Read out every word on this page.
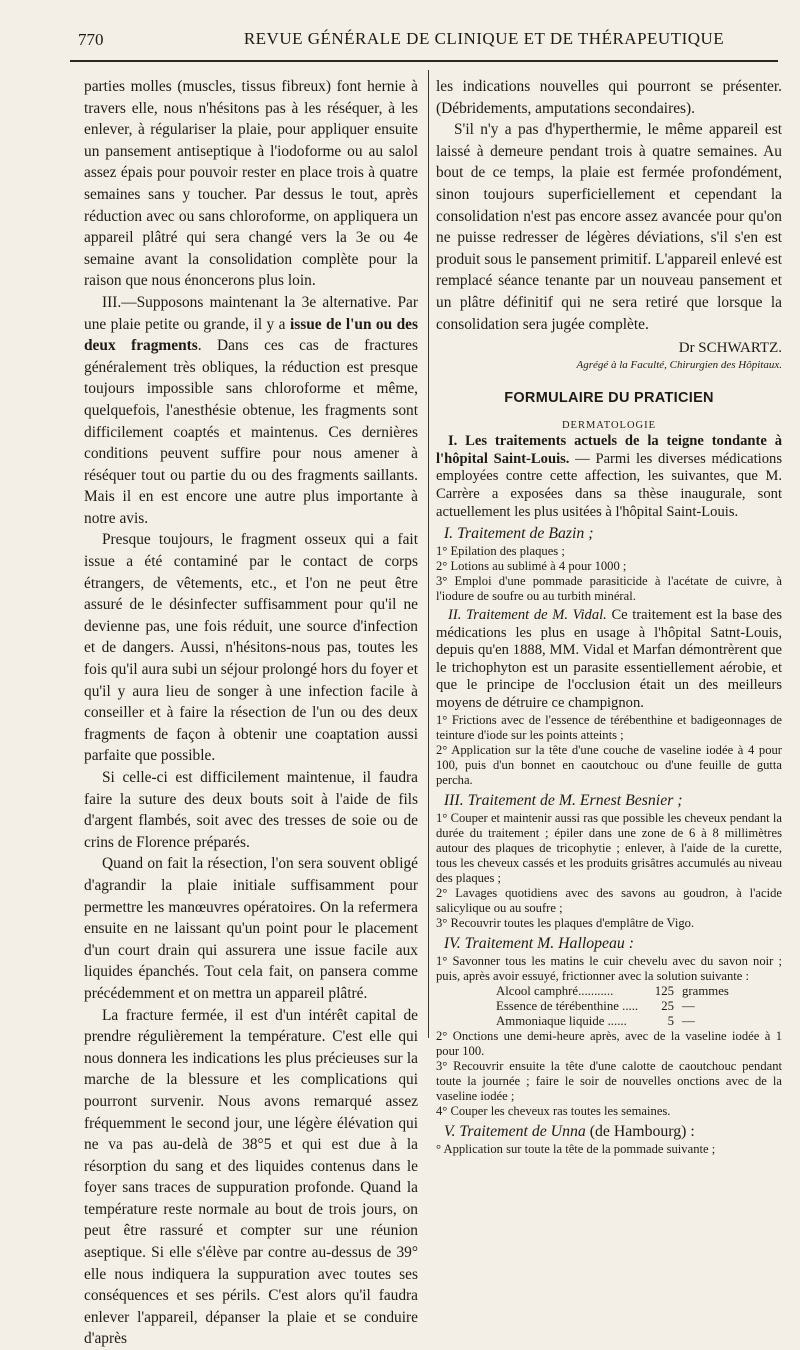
770	REVUE GÉNÉRALE DE CLINIQUE ET DE THÉRAPEUTIQUE

parties molles (muscles, tissus fibreux) font hernie à travers elle, nous n'hésitons pas à les réséquer, à les enlever, à régulariser la plaie, pour appliquer ensuite un pansement antiseptique à l'iodoforme ou au salol assez épais pour pouvoir rester en place trois à quatre semaines sans y toucher. Par dessus le tout, après réduction avec ou sans chloroforme, on appliquera un appareil plâtré qui sera changé vers la 3e ou 4e semaine avant la consolidation complète pour la raison que nous énoncerons plus loin.

III.—Supposons maintenant la 3e alternative. Par une plaie petite ou grande, il y a issue de l'un ou des deux fragments. Dans ces cas de fractures généralement très obliques, la réduction est presque toujours impossible sans chloroforme et même, quelquefois, l'anesthésie obtenue, les fragments sont difficilement coaptés et maintenus. Ces dernières conditions peuvent suffire pour nous amener à réséquer tout ou partie du ou des fragments saillants. Mais il en est encore une autre plus importante à notre avis.

Presque toujours, le fragment osseux qui a fait issue a été contaminé par le contact de corps étrangers, de vêtements, etc., et l'on ne peut être assuré de le désinfecter suffisamment pour qu'il ne devienne pas, une fois réduit, une source d'infection et de dangers. Aussi, n'hésitons-nous pas, toutes les fois qu'il aura subi un séjour prolongé hors du foyer et qu'il y aura lieu de songer à une infection facile à conseiller et à faire la résection de l'un ou des deux fragments de façon à obtenir une coaptation aussi parfaite que possible.

Si celle-ci est difficilement maintenue, il faudra faire la suture des deux bouts soit à l'aide de fils d'argent flambés, soit avec des tresses de soie ou de crins de Florence préparés.

Quand on fait la résection, l'on sera souvent obligé d'agrandir la plaie initiale suffisamment pour permettre les manœuvres opératoires. On la refermera ensuite en ne laissant qu'un point pour le placement d'un court drain qui assurera une issue facile aux liquides épanchés. Tout cela fait, on pansera comme précédemment et on mettra un appareil plâtré.

La fracture fermée, il est d'un intérêt capital de prendre régulièrement la température. C'est elle qui nous donnera les indications les plus précieuses sur la marche de la blessure et les complications qui pourront survenir. Nous avons remarqué assez fréquemment le second jour, une légère élévation qui ne va pas au-delà de 38°5 et qui est due à la résorption du sang et des liquides contenus dans le foyer sans traces de suppuration profonde. Quand la température reste normale au bout de trois jours, on peut être rassuré et compter sur une réunion aseptique. Si elle s'élève par contre au-dessus de 39° elle nous indiquera la suppuration avec toutes ses conséquences et ses périls. C'est alors qu'il faudra enlever l'appareil, dépanser la plaie et se conduire d'après

les indications nouvelles qui pourront se présenter. (Débridements, amputations secondaires).

S'il n'y a pas d'hyperthermie, le même appareil est laissé à demeure pendant trois à quatre semaines. Au bout de ce temps, la plaie est fermée profondément, sinon toujours superficiellement et cependant la consolidation n'est pas encore assez avancée pour qu'on ne puisse redresser de légères déviations, s'il s'en est produit sous le pansement primitif. L'appareil enlevé est remplacé séance tenante par un nouveau pansement et un plâtre définitif qui ne sera retiré que lorsque la consolidation sera jugée complète.

Dr SCHWARTZ.
Agrégé à la Faculté, Chirurgien des Hôpitaux.
FORMULAIRE DU PRATICIEN
DERMATOLOGIE

I. Les traitements actuels de la teigne tondante à l'hôpital Saint-Louis. — Parmi les diverses médications employées contre cette affection, les suivantes, que M. Carrère a exposées dans sa thèse inaugurale, sont actuellement les plus usitées à l'hôpital Saint-Louis.

I. Traitement de Bazin ;

1° Epilation des plaques ;

2° Lotions au sublimé à 4 pour 1000 ;

3° Emploi d'une pommade parasiticide à l'acétate de cuivre, à l'iodure de soufre ou au turbith minéral.

II. Traitement de M. Vidal. Ce traitement est la base des médications les plus en usage à l'hôpital Satnt-Louis, depuis qu'en 1888, MM. Vidal et Marfan démontrèrent que le trichophyton est un parasite essentiellement aérobie, et que le principe de l'occlusion était un des meilleurs moyens de détruire ce champignon.

1° Frictions avec de l'essence de térébenthine et badigeonnages de teinture d'iode sur les points atteints ;

2° Application sur la tête d'une couche de vaseline iodée à 4 pour 100, puis d'un bonnet en caoutchouc ou d'une feuille de gutta percha.

III. Traitement de M. Ernest Besnier ;

1° Couper et maintenir aussi ras que possible les cheveux pendant la durée du traitement ; épiler dans une zone de 6 à 8 millimètres autour des plaques de tricophytie ; enlever, à l'aide de la curette, tous les cheveux cassés et les produits grisâtres accumulés au niveau des plaques ;

2° Lavages quotidiens avec des savons au goudron, à l'acide salicylique ou au soufre ;

3° Recouvrir toutes les plaques d'emplâtre de Vigo.

IV. Traitement M. Hallopeau :

1° Savonner tous les matins le cuir chevelu avec du savon noir ; puis, après avoir essuyé, frictionner avec la solution suivante :

Alcool camphré...........	125 grammes
Essence de térébenthine .....	25 —
Ammoniaque liquide ......	5 —

2° Onctions une demi-heure après, avec de la vaseline iodée à 1 pour 100.

3° Recouvrir ensuite la tête d'une calotte de caoutchouc pendant toute la journée ; faire le soir de nouvelles onctions avec de la vaseline iodée ;

4° Couper les cheveux ras toutes les semaines.

V. Traitement de Unna (de Hambourg) :

° Application sur toute la tête de la pommade suivante ;
